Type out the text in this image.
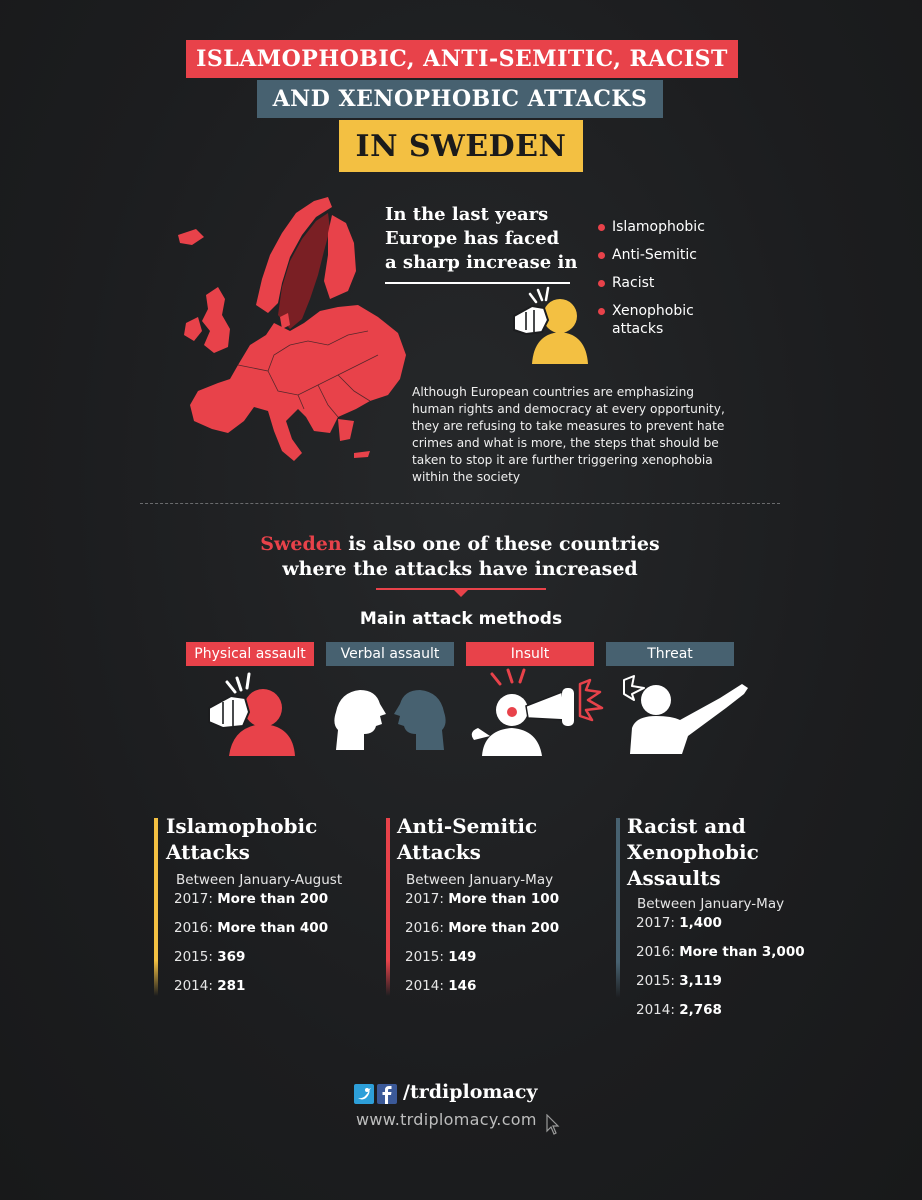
ISLAMOPHOBIC, ANTI-SEMITIC, RACIST
AND XENOPHOBIC ATTACKS
IN SWEDEN
In the last years
Europe has faced
a sharp increase in
Islamophobic
Anti-Semitic
Racist
Xenophobic attacks
Although European countries are emphasizing human rights and democracy at every opportunity, they are refusing to take measures to prevent hate crimes and what is more, the steps that should be taken to stop it are further triggering xenophobia within the society
Sweden is also one of these countries
where the attacks have increased
Main attack methods
Physical assault	Verbal assault	Insult	Threat
Islamophobic
Attacks
Between January-August
2017: More than 200
2016: More than 400
2015: 369
2014: 281
Anti-Semitic
Attacks
Between January-May
2017: More than 100
2016: More than 200
2015: 149
2014: 146
Racist and
Xenophobic
Assaults
Between January-May
2017: 1,400
2016: More than 3,000
2015: 3,119
2014: 2,768
/trdiplomacy
www.trdiplomacy.com
